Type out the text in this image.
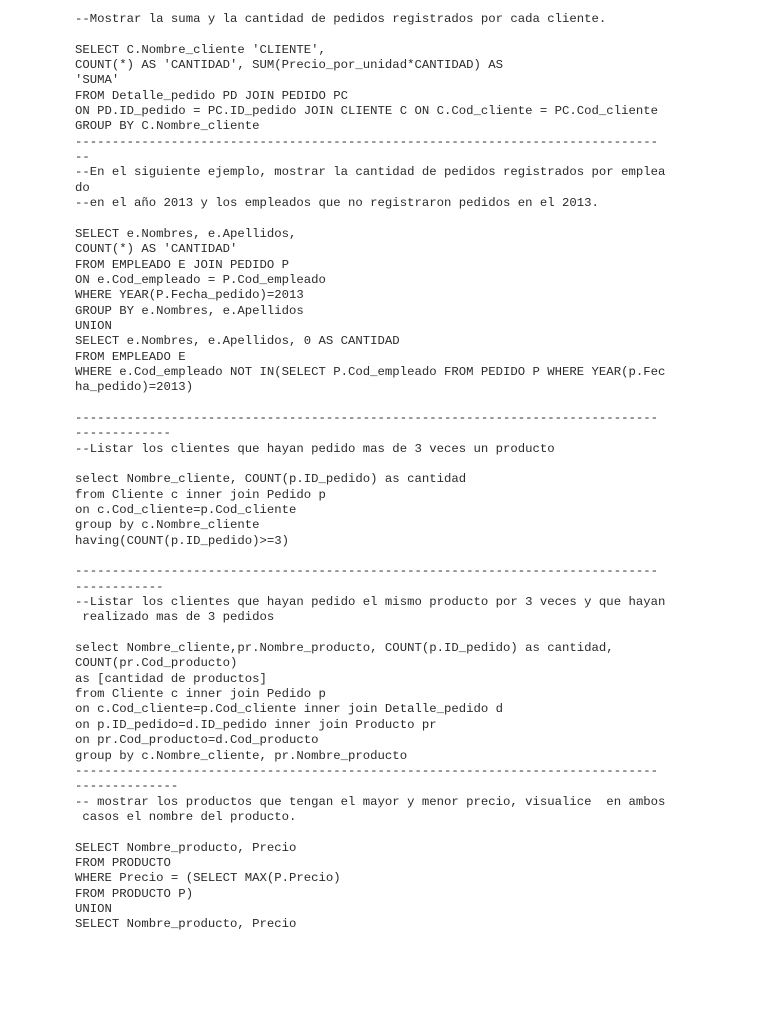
--Mostrar la suma y la cantidad de pedidos registrados por cada cliente.
SELECT C.Nombre_cliente 'CLIENTE',
COUNT(*) AS 'CANTIDAD', SUM(Precio_por_unidad*CANTIDAD) AS
'SUMA'
FROM Detalle_pedido PD JOIN PEDIDO PC
ON PD.ID_pedido = PC.ID_pedido JOIN CLIENTE C ON C.Cod_cliente = PC.Cod_cliente
GROUP BY C.Nombre_cliente
-------------------------------------------------------------------------------
--
--En el siguiente ejemplo, mostrar la cantidad de pedidos registrados por emplea
do
--en el año 2013 y los empleados que no registraron pedidos en el 2013.
SELECT e.Nombres, e.Apellidos,
COUNT(*) AS 'CANTIDAD'
FROM EMPLEADO E JOIN PEDIDO P
ON e.Cod_empleado = P.Cod_empleado
WHERE YEAR(P.Fecha_pedido)=2013
GROUP BY e.Nombres, e.Apellidos
UNION
SELECT e.Nombres, e.Apellidos, 0 AS CANTIDAD
FROM EMPLEADO E
WHERE e.Cod_empleado NOT IN(SELECT P.Cod_empleado FROM PEDIDO P WHERE YEAR(p.Fec
ha_pedido)=2013)
-------------------------------------------------------------------------------
-------------
--Listar los clientes que hayan pedido mas de 3 veces un producto
select Nombre_cliente, COUNT(p.ID_pedido) as cantidad
from Cliente c inner join Pedido p
on c.Cod_cliente=p.Cod_cliente
group by c.Nombre_cliente
having(COUNT(p.ID_pedido)>=3)
-------------------------------------------------------------------------------
------------
--Listar los clientes que hayan pedido el mismo producto por 3 veces y que hayan
realizado mas de 3 pedidos
select Nombre_cliente,pr.Nombre_producto, COUNT(p.ID_pedido) as cantidad,
COUNT(pr.Cod_producto)
as [cantidad de productos]
from Cliente c inner join Pedido p
on c.Cod_cliente=p.Cod_cliente inner join Detalle_pedido d
on p.ID_pedido=d.ID_pedido inner join Producto pr
on pr.Cod_producto=d.Cod_producto
group by c.Nombre_cliente, pr.Nombre_producto
-------------------------------------------------------------------------------
--------------
-- mostrar los productos que tengan el mayor y menor precio, visualice  en ambos
casos el nombre del producto.
SELECT Nombre_producto, Precio
FROM PRODUCTO
WHERE Precio = (SELECT MAX(P.Precio)
FROM PRODUCTO P)
UNION
SELECT Nombre_producto, Precio
